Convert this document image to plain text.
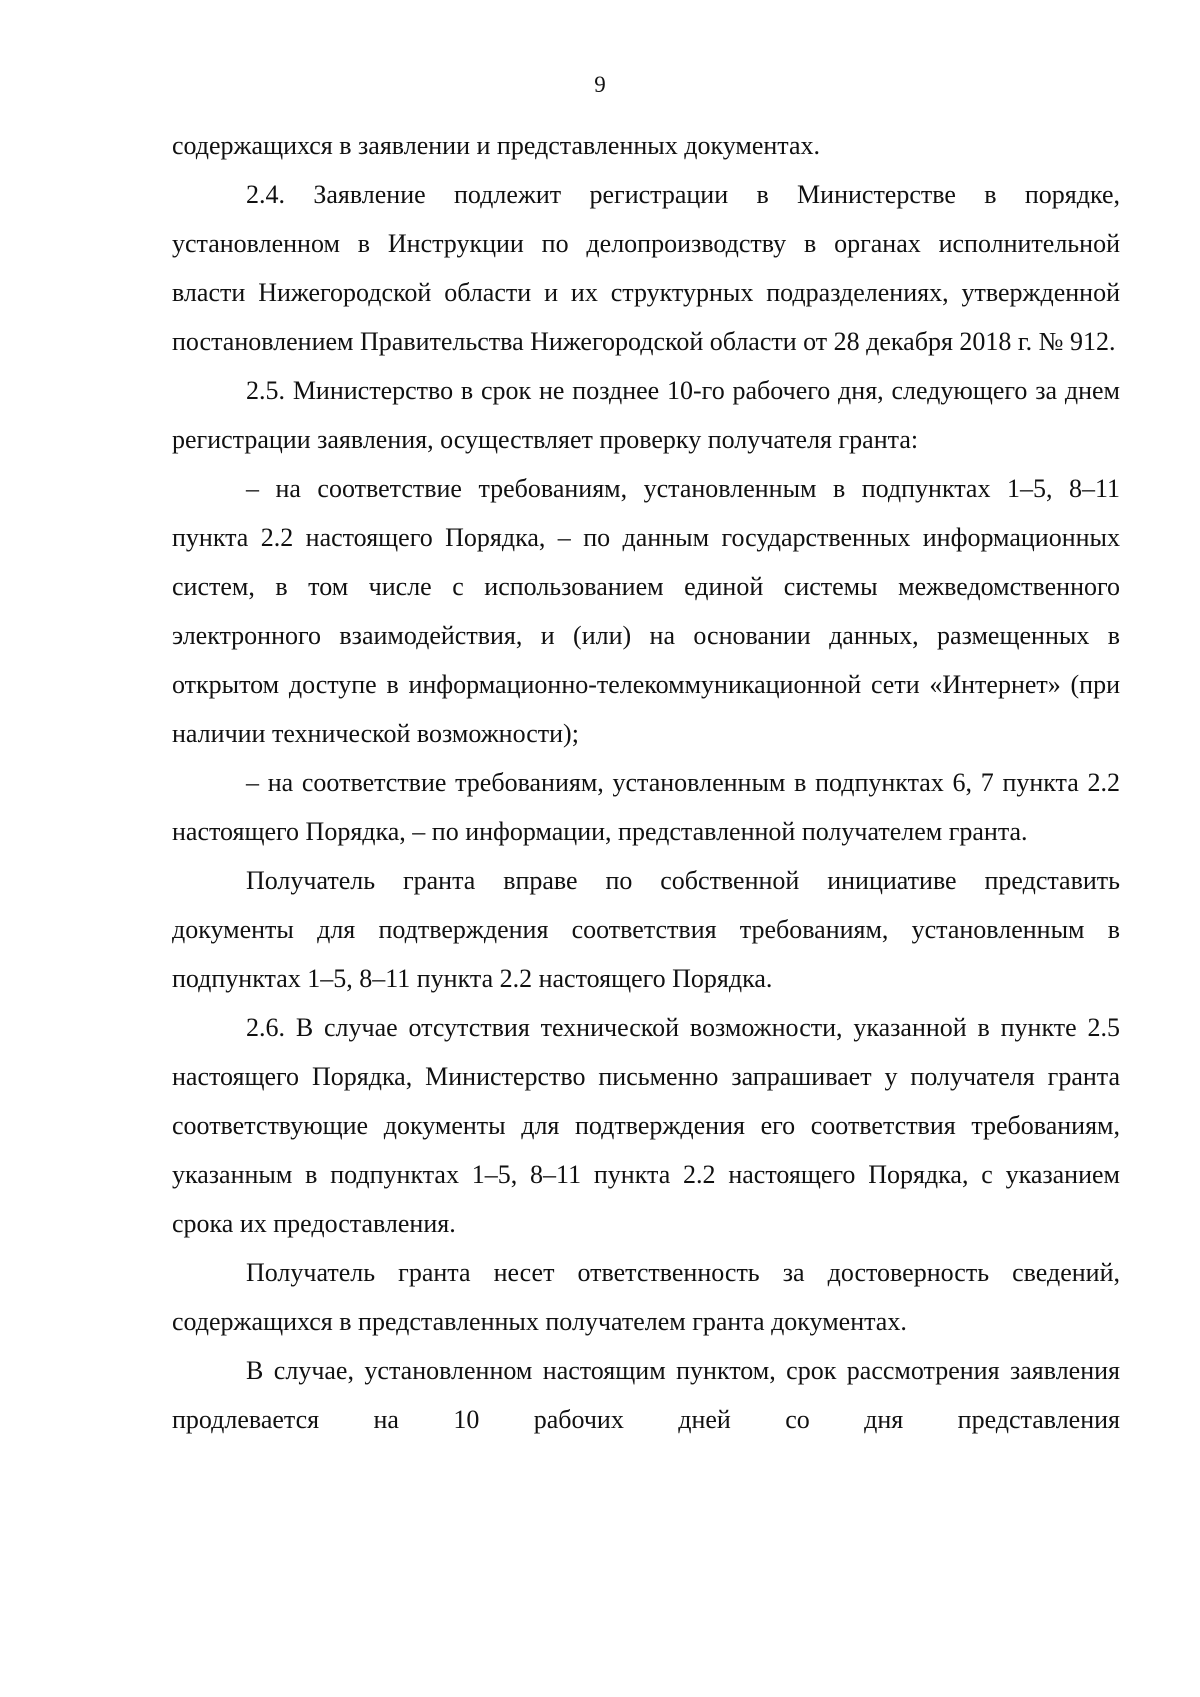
9

содержащихся в заявлении и представленных документах.

2.4. Заявление подлежит регистрации в Министерстве в порядке, установленном в Инструкции по делопроизводству в органах исполнительной власти Нижегородской области и их структурных подразделениях, утвержденной постановлением Правительства Нижегородской области от 28 декабря 2018 г. № 912.

2.5. Министерство в срок не позднее 10-го рабочего дня, следующего за днем регистрации заявления, осуществляет проверку получателя гранта:

– на соответствие требованиям, установленным в подпунктах 1–5, 8–11 пункта 2.2 настоящего Порядка, – по данным государственных информационных систем, в том числе с использованием единой системы межведомственного электронного взаимодействия, и (или) на основании данных, размещенных в открытом доступе в информационно-телекоммуникационной сети «Интернет» (при наличии технической возможности);

– на соответствие требованиям, установленным в подпунктах 6, 7 пункта 2.2 настоящего Порядка, – по информации, представленной получателем гранта.

Получатель гранта вправе по собственной инициативе представить документы для подтверждения соответствия требованиям, установленным в подпунктах 1–5, 8–11 пункта 2.2 настоящего Порядка.

2.6. В случае отсутствия технической возможности, указанной в пункте 2.5 настоящего Порядка, Министерство письменно запрашивает у получателя гранта соответствующие документы для подтверждения его соответствия требованиям, указанным в подпунктах 1–5, 8–11 пункта 2.2 настоящего Порядка, с указанием срока их предоставления.

Получатель гранта несет ответственность за достоверность сведений, содержащихся в представленных получателем гранта документах.

В случае, установленном настоящим пунктом, срок рассмотрения заявления продлевается на 10 рабочих дней со дня представления
